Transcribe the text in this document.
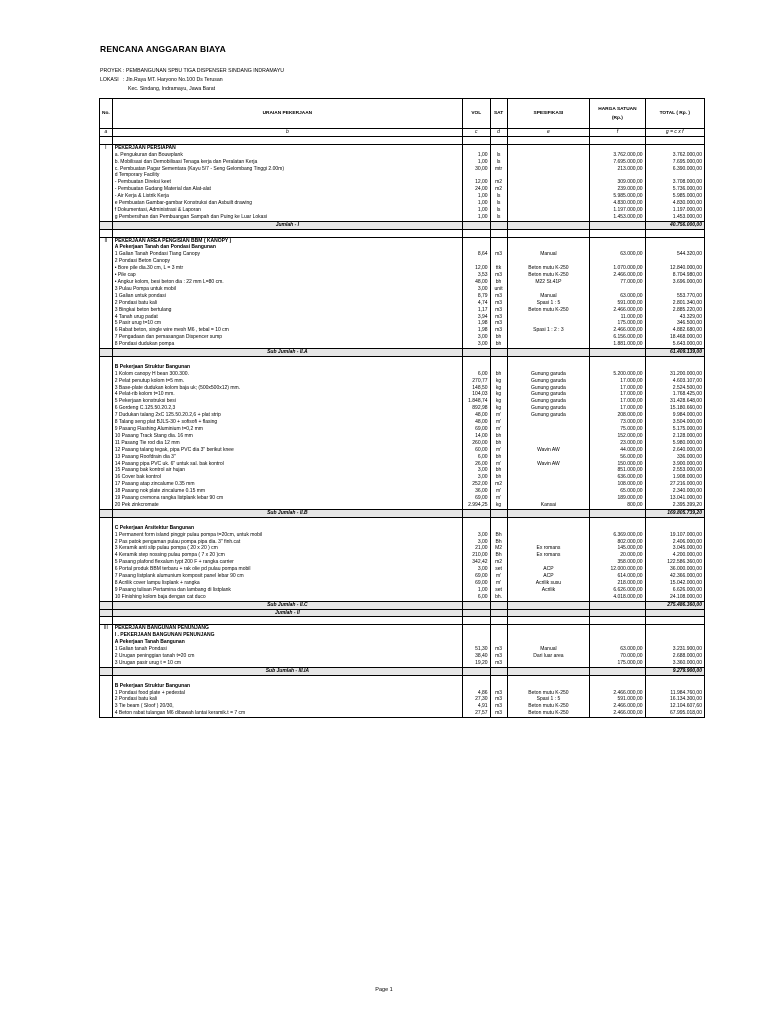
RENCANA ANGGARAN BIAYA
PROYEK: PEMBANGUNAN SPBU TIGA DISPENSER SINDANG INDRAMAYU
LOKASI : Jln.Raya MT. Haryono No.100 Ds Terusan
Kec. Sindang, Indramayu, Jawa Barat
No.	URAIAN PEKERJAAN	VOL	SAT	SPESIFIKASI	HARGA SATUAN (Rp.)	TOTAL ( Rp. )
a	b	c	d	e	f	g = c x f

I	PEKERJAAN PERSIAPAN					
	a. Pengukuran dan Bouwplank	1,00	ls		3.762.000,00	3.762.000,00
	b. Mobilisasi dan Demobilisasi Tenaga kerja dan Peralatan Kerja	1,00	ls		7.695.000,00	7.695.000,00
	c. Pembuatan Pagar Sementara (Kayu 5/7 - Seng Gelombang Tinggi 2.00m)	30,00	mtr		213.000,00	6.390.000,00
	d Temporary Facility					
	- Pembuatan Direksi keet	12,00	m2		309.000,00	3.708.000,00
	- Pembuatan Gudang Material dan Alat-alat	24,00	m2		239.000,00	5.736.000,00
	- Air Kerja & Listrik Kerja	1,00	ls		5.985.000,00	5.985.000,00
	e Pembuatan Gambar-gambar Konstruksi dan Asbuilt drawing	1,00	ls		4.830.000,00	4.830.000,00
	f Dokumentasi, Administrasi & Laporan	1,00	ls		1.197.000,00	1.197.000,00
	g Pembersihan dan Pembuangan Sampah dan Puing ke Luar Lokasi	1,00	ls		1.453.000,00	1.453.000,00
	Jumlah - I					40.756.000,00

II	PEKERJAAN AREA PENGISIAN BBM ( KANOPY )					
	A Pekerjaan Tanah dan Pondasi Bangunan					
	1 Galian Tanah Pondasi Tiang Canopy	8,64	m3	Manual	63.000,00	544.320,00
	2 Pondasi Beton Canopy					
	• Bore pile dia.30 cm, L = 3 mtr	12,00	ttk	Beton mutu K-250	1.070.000,00	12.840.000,00
	• Pile cap	3,53	m3	Beton mutu K-250	2.466.000,00	8.704.980,00
	• Angkur kolom, besi beton dia : 22 mm L=80 cm.	48,00	bh	M22 St.41P	77.000,00	3.696.000,00
	3 Pulau Pompa untuk mobil	3,00	unit			
	1 Galian untuk pondasi	8,79	m3	Manual	63.000,00	553.770,00
	2 Pondasi batu kali	4,74	m3	Spasi 1 : 5	591.000,00	2.801.340,00
	3 Bingkai beton bertulang	1,17	m3	Beton mutu K-250	2.466.000,00	2.885.220,00
	4 Tanah urug padat	3,94	m3		11.000,00	43.329,00
	5 Pasir urug t=10 cm	1,98	m3		175.000,00	346.500,00
	6 Rabat beton, single wire mesh M6 , tebal = 10 cm	1,98	m3	Spasi 1 : 2 : 3	2.466.000,00	4.882.680,00
	7 Pengadaan dan pemasangan Dispencer sump	3,00	bh		6.156.000,00	18.468.000,00
	8 Pondasi dudukan pompa	3,00	bh		1.881.000,00	5.643.000,00
	Sub Jumlah - II.A					61.409.139,00

	B Pekerjaan Struktur Bangunan					
	1 Kolom canopy H bean 300.300.	6,00	bh	Gunung garuda	5.200.000,00	31.200.000,00
	2 Pelat penutup kolom t=5 mm.	270,77	kg	Gunung garuda	17.000,00	4.603.107,00
	3 Base-plate dudukan kolom baja uk; (500x500x12) mm.	148,50	kg	Gunung garuda	17.000,00	2.524.500,00
	4 Pelat-rib kolom t=10 mm.	104,03	kg	Gunung garuda	17.000,00	1.768.425,00
	5 Pekerjaan konstruksi besi	1.848,74	kg	Gunung garuda	17.000,00	31.428.648,00
	6 Gordeng C.125.50.20.2,3	892,98	kg	Gunung garuda	17.000,00	15.180.660,00
	7 Dudukan talang 2xC 125.50.20.2,6 + plat strip	48,00	m'	Gunung garuda	208.000,00	9.984.000,00
	8 Talang seng plat BJLS-30 + sofisofi + flasing	48,00	m'		73.000,00	3.504.000,00
	9 Pasang Flashing Aluminium t=0,2 mm	69,00	m'		75.000,00	5.175.000,00
	10 Pasang Track Stang dia. 16 mm	14,00	bh		152.000,00	2.128.000,00
	11 Pasang Tie rod dia 12 mm	260,00	bh		23.000,00	5.980.000,00
	12 Pasang talang tegak, pipa PVC dia 3" berikut knee	60,00	m'	Wavin AW	44.000,00	2.640.000,00
	13 Pasang Roofdrain dia 3"	6,00	bh		56.000,00	336.000,00
	14 Pasang pipa PVC uk. 6" untuk sal. bak kontrol	26,00	m'	Wavin AW	150.000,00	3.900.000,00
	15 Pasang bak kontrol air hujan	3,00	bh		851.000,00	2.553.000,00
	16 Cover bak kontrol	3,00	bh		636.000,00	1.908.000,00
	17 Pasang atap zincalume 0.35 mm	252,00	m2		108.000,00	27.216.000,00
	18 Pasang nok plate zincalume 0.15 mm	36,00	m'		65.000,00	2.340.000,00
	19 Pasang cremona rangka listplank lebar 90 cm	69,00	m'		189.000,00	13.041.000,00
	20 Pek zinkcromate	2.994,25	kg	Kansai	800,00	2.395.399,20
	Sub Jumlah - II.B					169.805.739,20

	C Pekerjaan Arsitektur Bangunan					
	1 Permanent form island pinggir pulau pompa t=20cm, untuk mobil	3,00	Bh		6.369.000,00	19.107.000,00
	2 Pas patok pengaman pulau pompa pipa dia. 3" finh.cat	3,00	Bh		802.000,00	2.406.000,00
	3 Keramik anti slip pulau pompa ( 20 x 20 ) cm	21,00	M2	Ex romans	145.000,00	3.045.000,00
	4 Keramik step nossing pulau pompa ( 7 x 20 )cm	210,00	Bh	Ex romans	20.000,00	4.200.000,00
	5 Pasang plafond flexalum typt 200 F + rangka carrier	342,42	m2		358.000,00	122.586.360,00
	6 Portal produk BBM terbaru + rak olie pd pulau pompa mobil	3,00	set	ACP	12.000.000,00	36.000.000,00
	7 Pasang listplank alumunium komposit panel lebar 90 cm	69,00	m'	ACP	614.000,00	42.366.000,00
	8 Acrilik cover lampu lisplank + rangka	69,00	m'	Acrilik susu	218.000,00	15.042.000,00
	9 Pasang tulisan Pertamina dan lambang di listplank	1,00	set	Acrilik	6.626.000,00	6.626.000,00
	10 Finishing kolom baja dengan cat duco	6,00	bh.		4.018.000,00	24.108.000,00
	Sub Jumlah - II.C					275.486.360,00
	Jumlah - II					

III	PEKERJAAN BANGUNAN PENUNJANG					
	I . PEKERJAAN BANGUNAN PENUNJANG					
	A Pekerjaan Tanah Bangunan					
	1 Galian tanah Pondasi	51,30	m3	Manual	63.000,00	3.231.900,00
	2 Urugan peninggian tanah t=20 cm	38,40	m3	Dari luar area	70.000,00	2.688.000,00
	3 Urugan pasir urug t = 10 cm	19,20	m3		175.000,00	3.360.000,00
	Sub Jumlah - III.IA					9.279.900,00

	B Pekerjaan Struktur Bangunan					
	1 Pondasi food plate + pedestal	4,86	m3	Beton mutu K-250	2.466.000,00	11.984.760,00
	2 Pondasi batu kali	27,30	m3	Spasi 1 : 5	591.000,00	16.134.300,00
	3 Tie beam ( Sloof ) 20/30,	4,91	m3	Beton mutu K-250	2.466.000,00	12.104.607,60
	4 Beton rabat tulangan M6 dibawah lantai keramik.t = 7 cm	27,57	m3	Beton mutu K-250	2.466.000,00	67.995.018,00
Page 1
